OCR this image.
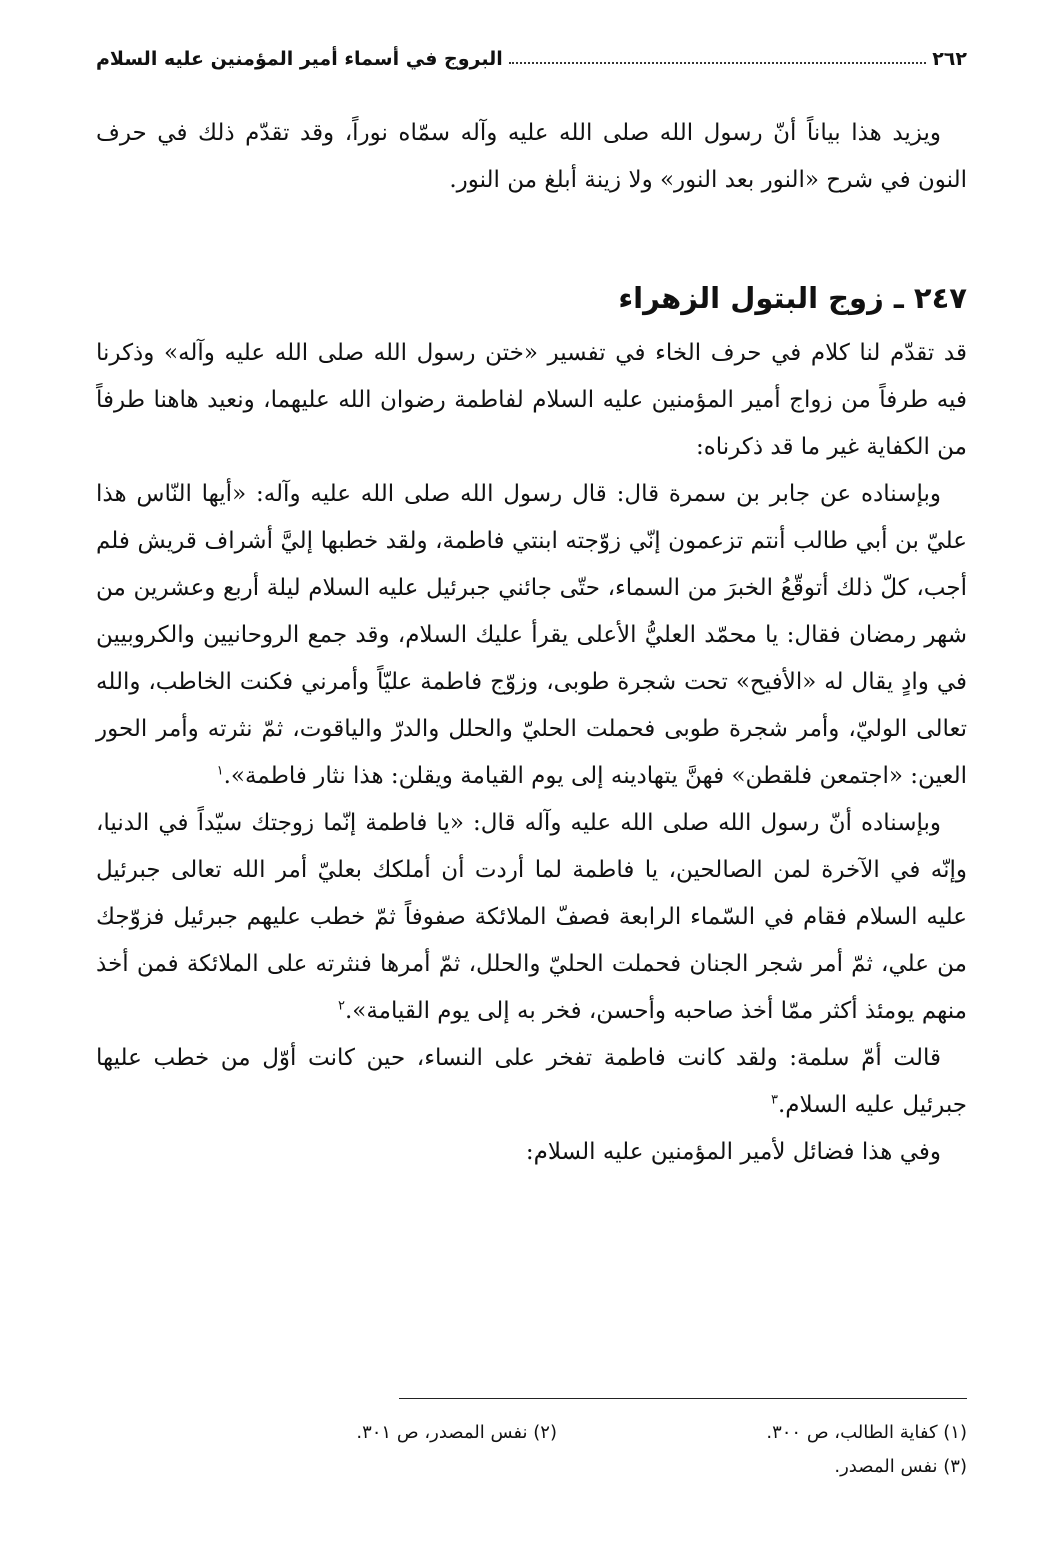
٢٦٢
البروج في أسماء أمير المؤمنين عليه السلام

ويزيد هذا بياناً أنّ رسول الله صلى الله عليه وآله سمّاه نوراً، وقد تقدّم ذلك في حرف النون في شرح «النور بعد النور» ولا زينة أبلغ من النور.

٢٤٧ ـ زوج البتول الزهراء

قد تقدّم لنا كلام في حرف الخاء في تفسير «ختن رسول الله صلى الله عليه وآله» وذكرنا فيه طرفاً من زواج أمير المؤمنين عليه السلام لفاطمة رضوان الله عليهما، ونعيد هاهنا طرفاً من الكفاية غير ما قد ذكرناه:

وبإسناده عن جابر بن سمرة قال: قال رسول الله صلى الله عليه وآله: «أيها النّاس هذا عليّ بن أبي طالب أنتم تزعمون إنّي زوّجته ابنتي فاطمة، ولقد خطبها إليَّ أشراف قريش فلم أجب، كلّ ذلك أتوقّعُ الخبرَ من السماء، حتّى جائني جبرئيل عليه السلام ليلة أربع وعشرين من شهر رمضان فقال: يا محمّد العليُّ الأعلى يقرأ عليك السلام، وقد جمع الروحانيين والكروبيين في وادٍ يقال له «الأفيح» تحت شجرة طوبى، وزوّج فاطمة عليّاً وأمرني فكنت الخاطب، والله تعالى الوليّ، وأمر شجرة طوبى فحملت الحليّ والحلل والدرّ والياقوت، ثمّ نثرته وأمر الحور العين: «اجتمعن فلقطن» فهنَّ يتهادينه إلى يوم القيامة ويقلن: هذا نثار فاطمة».$^١$

وبإسناده أنّ رسول الله صلى الله عليه وآله قال: «يا فاطمة إنّما زوجتك سيّداً في الدنيا، وإنّه في الآخرة لمن الصالحين، يا فاطمة لما أردت أن أملكك بعليّ أمر الله تعالى جبرئيل عليه السلام فقام في السّماء الرابعة فصفّ الملائكة صفوفاً ثمّ خطب عليهم جبرئيل فزوّجك من علي، ثمّ أمر شجر الجنان فحملت الحليّ والحلل، ثمّ أمرها فنثرته على الملائكة فمن أخذ منهم يومئذ أكثر ممّا أخذ صاحبه وأحسن، فخر به إلى يوم القيامة».$^٢$

قالت أمّ سلمة: ولقد كانت فاطمة تفخر على النساء، حين كانت أوّل من خطب عليها جبرئيل عليه السلام.$^٣$

وفي هذا فضائل لأمير المؤمنين عليه السلام:

(١) كفاية الطالب، ص ٣٠٠.
(٢) نفس المصدر، ص ٣٠١.
(٣) نفس المصدر.
